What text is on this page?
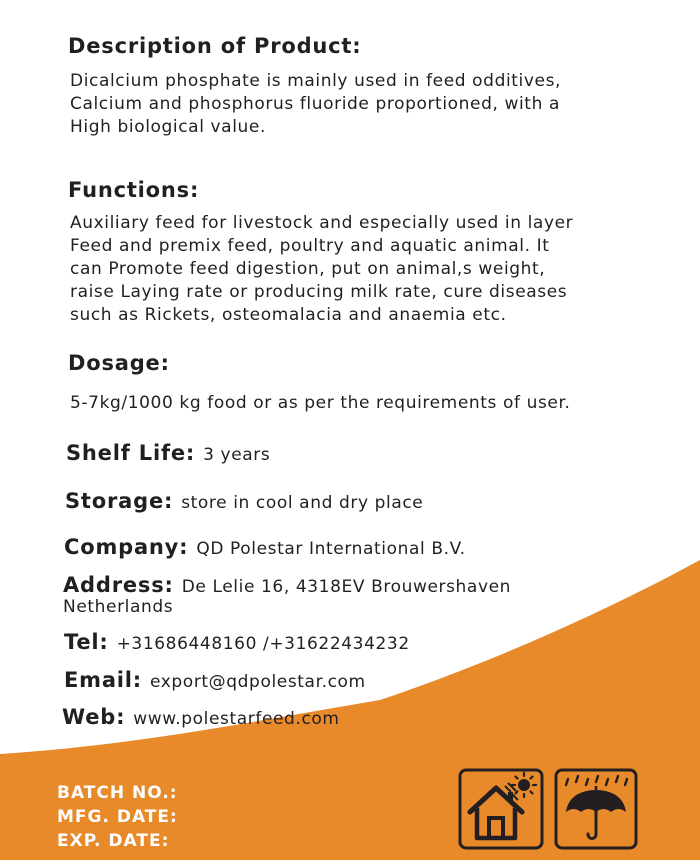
Description of Product:
Dicalcium phosphate is mainly used in feed odditives,
Calcium and phosphorus fluoride proportioned, with a
High biological value.
Functions:
Auxiliary feed for livestock and especially used in layer
Feed and premix feed, poultry and aquatic animal. It
can Promote feed digestion, put on animal,s weight,
raise Laying rate or producing milk rate, cure diseases
such as Rickets, osteomalacia and anaemia etc.
Dosage:
5-7kg/1000 kg food or as per the requirements of user.
Shelf Life: 3 years
Storage: store in cool and dry place
Company: QD Polestar International B.V.
Address: De Lelie 16, 4318EV Brouwershaven
Netherlands
Tel: +31686448160 /+31622434232
Email: export@qdpolestar.com
Web: www.polestarfeed.com
BATCH NO.:
MFG. DATE:
EXP. DATE:
